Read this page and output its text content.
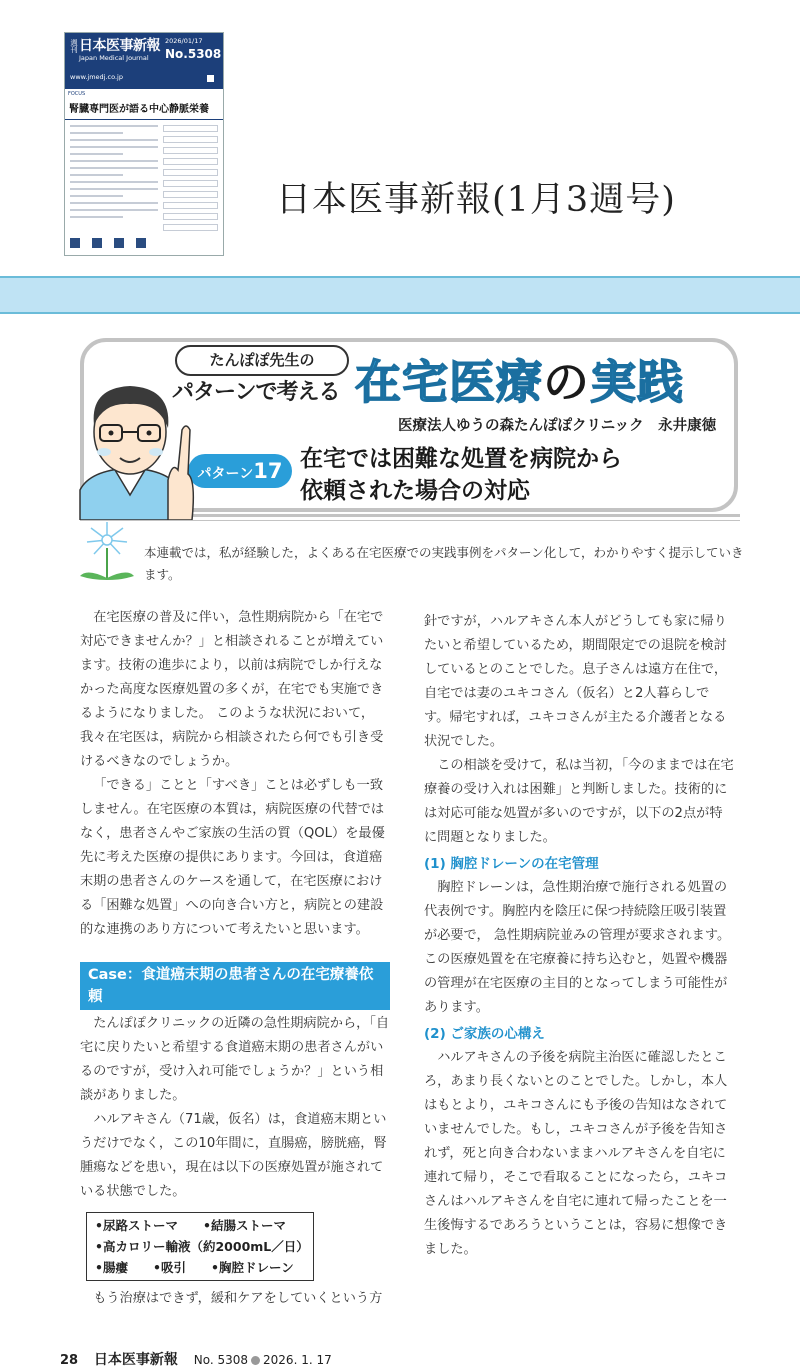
週刊 日本医事新報
Japan Medical Journal
2026/01/17
No.5308
www.jmedj.co.jp
FOCUS
腎臓専門医が語る中心静脈栄養
日本医事新報(1月3週号)
たんぽぽ先生の
パターンで考える 在宅医療の実践
医療法人ゆうの森たんぽぽクリニック　永井康徳
パターン17 在宅では困難な処置を病院から
依頼された場合の対応
本連載では，私が経験した，よくある在宅医療での実践事例をパターン化して，わかりやすく提示していきます。

在宅医療の普及に伴い，急性期病院から「在宅で対応できませんか？」と相談されることが増えています。技術の進歩により，以前は病院でしか行えなかった高度な医療処置の多くが，在宅でも実施できるようになりました。 このような状況において，我々在宅医は，病院から相談されたら何でも引き受けるべきなのでしょうか。

「できる」ことと「すべき」ことは必ずしも一致しません。在宅医療の本質は，病院医療の代替ではなく，患者さんやご家族の生活の質（QOL）を最優先に考えた医療の提供にあります。今回は，食道癌末期の患者さんのケースを通して，在宅医療における「困難な処置」への向き合い方と，病院との建設的な連携のあり方について考えたいと思います。

Case：食道癌末期の患者さんの在宅療養依頼

たんぽぽクリニックの近隣の急性期病院から，「自宅に戻りたいと希望する食道癌末期の患者さんがいるのですが，受け入れ可能でしょうか？」という相談がありました。

ハルアキさん（71歳，仮名）は，食道癌末期というだけでなく，この10年間に，直腸癌，膀胱癌，腎腫瘍などを患い，現在は以下の医療処置が施されている状態でした。

•尿路ストーマ　　•結腸ストーマ
•高カロリー輸液（約2000mL／日）
•腸瘻　　•吸引　　•胸腔ドレーン

もう治療はできず，緩和ケアをしていくという方

針ですが，ハルアキさん本人がどうしても家に帰りたいと希望しているため，期間限定での退院を検討しているとのことでした。息子さんは遠方在住で，自宅では妻のユキコさん（仮名）と2人暮らしです。帰宅すれば，ユキコさんが主たる介護者となる状況でした。

この相談を受けて，私は当初，「今のままでは在宅療養の受け入れは困難」と判断しました。技術的には対応可能な処置が多いのですが，以下の2点が特に問題となりました。

(1) 胸腔ドレーンの在宅管理

胸腔ドレーンは，急性期治療で施行される処置の代表例です。胸腔内を陰圧に保つ持続陰圧吸引装置が必要で， 急性期病院並みの管理が要求されます。この医療処置を在宅療養に持ち込むと，処置や機器の管理が在宅医療の主目的となってしまう可能性があります。

(2) ご家族の心構え

ハルアキさんの予後を病院主治医に確認したところ，あまり長くないとのことでした。しかし，本人はもとより，ユキコさんにも予後の告知はなされていませんでした。もし，ユキコさんが予後を告知されず，死と向き合わないままハルアキさんを自宅に連れて帰り，そこで看取ることになったら，ユキコさんはハルアキさんを自宅に連れて帰ったことを一生後悔するであろうということは，容易に想像できました。

28 日本医事新報 No. 5308 2026. 1. 17
